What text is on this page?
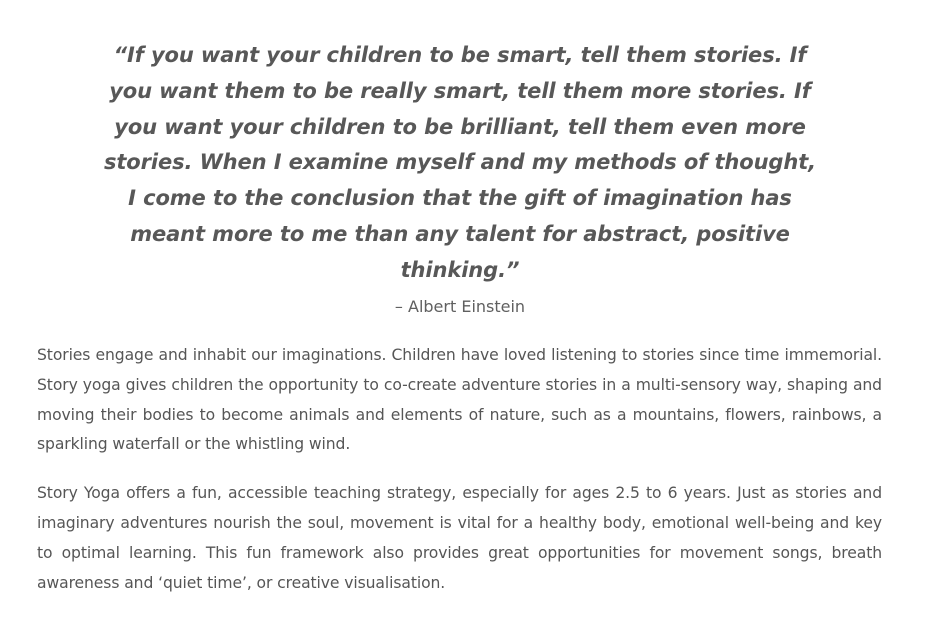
“If you want your children to be smart, tell them stories. If you want them to be really smart, tell them more stories. If you want your children to be brilliant, tell them even more stories. When I examine myself and my methods of thought, I come to the conclusion that the gift of imagination has meant more to me than any talent for abstract, positive thinking.”

– Albert Einstein

Stories engage and inhabit our imaginations. Children have loved listening to stories since time immemorial. Story yoga gives children the opportunity to co-create adventure stories in a multi-sensory way, shaping and moving their bodies to become animals and elements of nature, such as a mountains, flowers, rainbows, a sparkling waterfall or the whistling wind.

Story Yoga offers a fun, accessible teaching strategy, especially for ages 2.5 to 6 years. Just as stories and imaginary adventures nourish the soul, movement is vital for a healthy body, emotional well-being and key to optimal learning. This fun framework also provides great opportunities for movement songs, breath awareness and ‘quiet time’, or creative visualisation.
